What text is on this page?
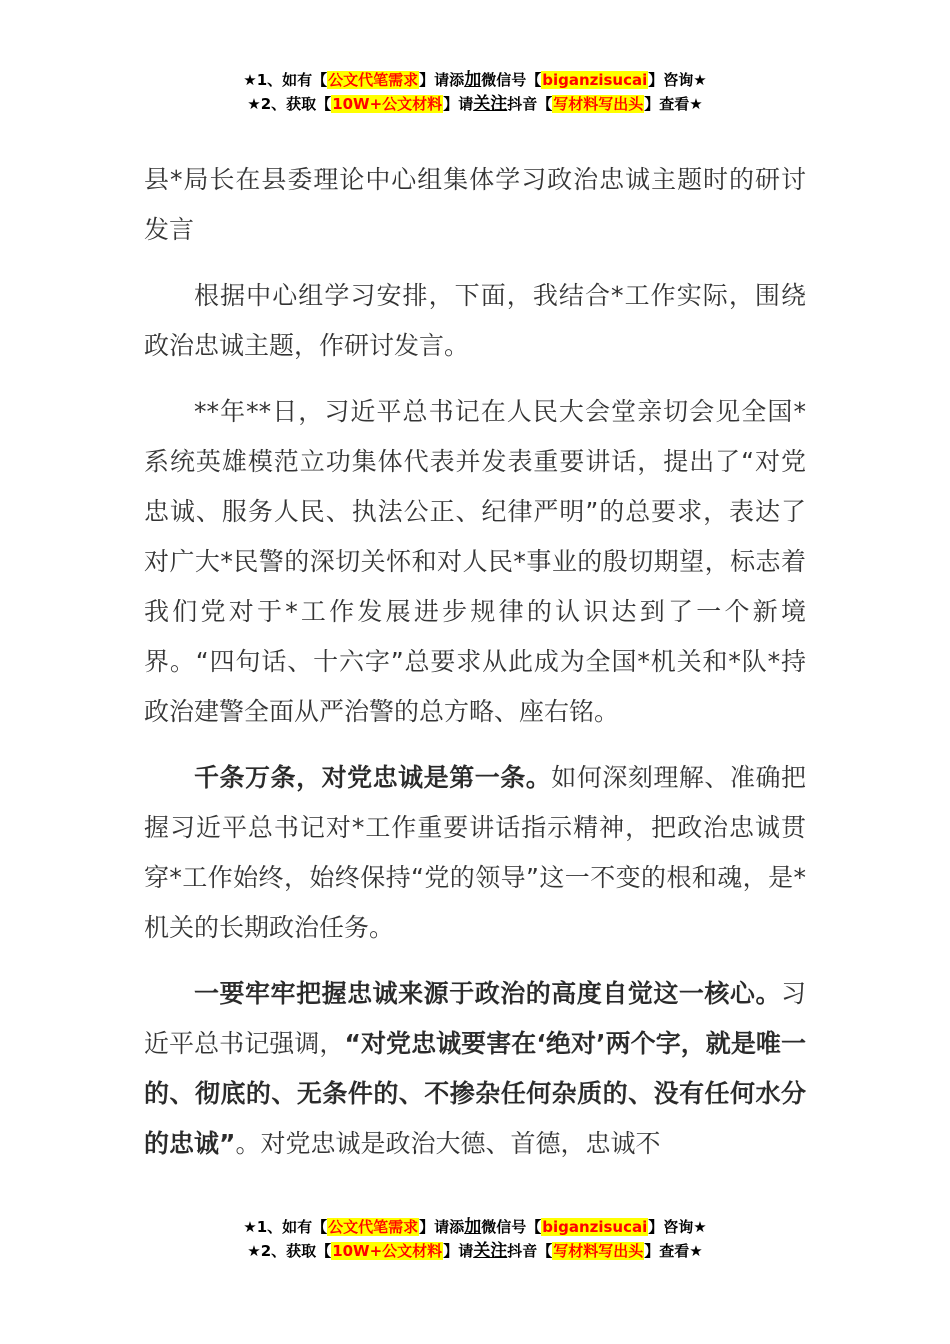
★1、如有【公文代笔需求】请添加微信号【biganzisucai】咨询★
★2、获取【10W+公文材料】请关注抖音【写材料写出头】查看★

县*局长在县委理论中心组集体学习政治忠诚主题时的研讨发言

根据中心组学习安排，下面，我结合*工作实际，围绕政治忠诚主题，作研讨发言。

**年**日，习近平总书记在人民大会堂亲切会见全国*系统英雄模范立功集体代表并发表重要讲话，提出了“对党忠诚、服务人民、执法公正、纪律严明”的总要求，表达了对广大*民警的深切关怀和对人民*事业的殷切期望，标志着我们党对于*工作发展进步规律的认识达到了一个新境界。“四句话、十六字”总要求从此成为全国*机关和*队*持政治建警全面从严治警的总方略、座右铭。

千条万条，对党忠诚是第一条。如何深刻理解、准确把握习近平总书记对*工作重要讲话指示精神，把政治忠诚贯穿*工作始终，始终保持“党的领导”这一不变的根和魂，是*机关的长期政治任务。

一要牢牢把握忠诚来源于政治的高度自觉这一核心。习近平总书记强调，“对党忠诚要害在‘绝对’两个字，就是唯一的、彻底的、无条件的、不掺杂任何杂质的、没有任何水分的忠诚”。对党忠诚是政治大德、首德，忠诚不

★1、如有【公文代笔需求】请添加微信号【biganzisucai】咨询★
★2、获取【10W+公文材料】请关注抖音【写材料写出头】查看★
